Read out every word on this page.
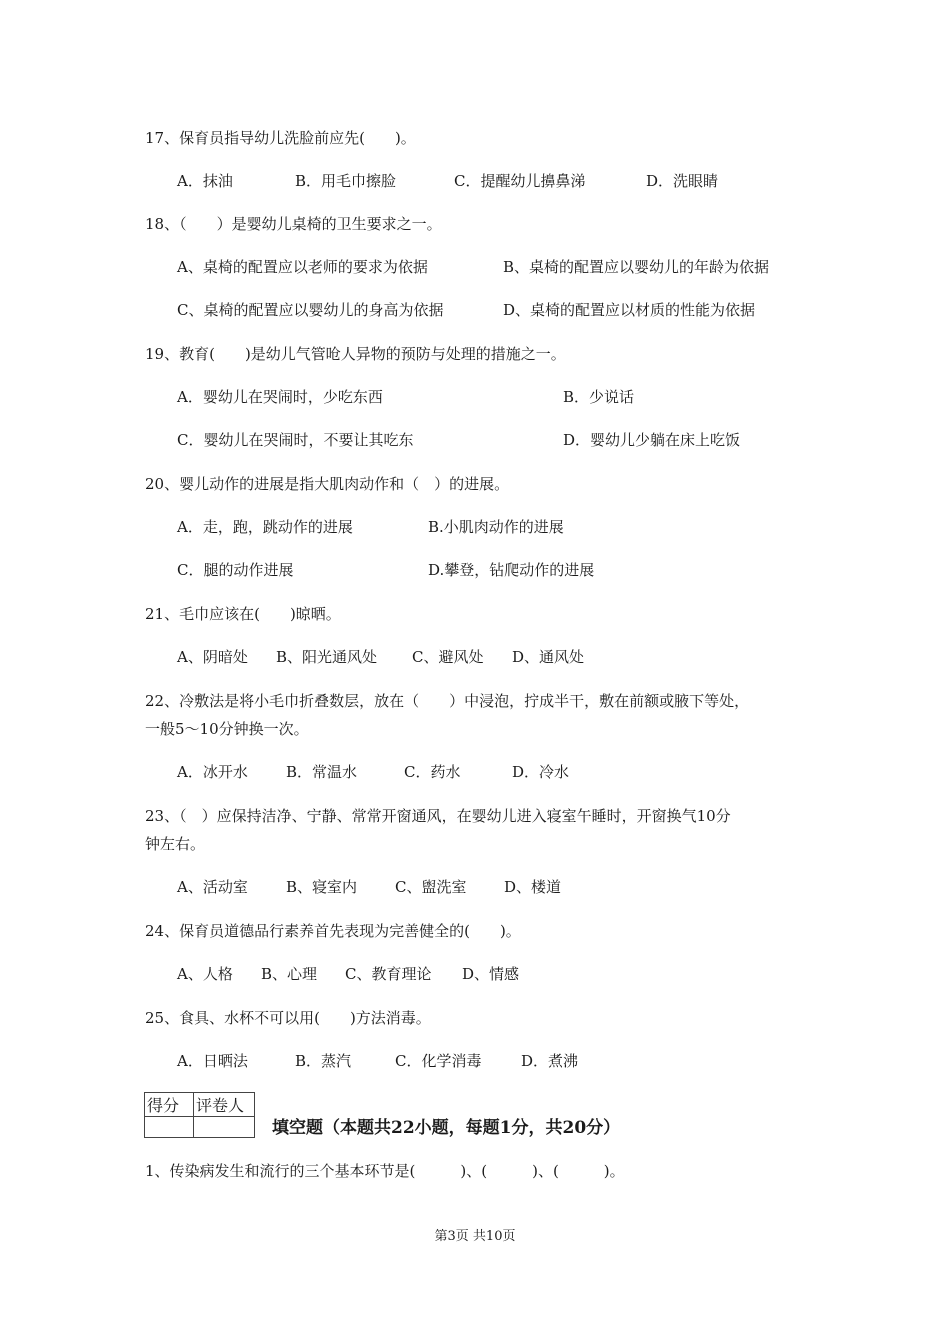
17、保育员指导幼儿洗脸前应先(　　)。
A．抹油	B．用毛巾擦脸	C．提醒幼儿擤鼻涕	D．洗眼睛
18、（　　）是婴幼儿桌椅的卫生要求之一。
A、桌椅的配置应以老师的要求为依据	B、桌椅的配置应以婴幼儿的年龄为依据
C、桌椅的配置应以婴幼儿的身高为依据	D、桌椅的配置应以材质的性能为依据
19、教育(　　)是幼儿气管呛人异物的预防与处理的措施之一。
A．婴幼儿在哭闹时，少吃东西	B．少说话
C．婴幼儿在哭闹时，不要让其吃东	D．婴幼儿少躺在床上吃饭
20、婴儿动作的进展是指大肌肉动作和（　）的进展。
A．走，跑，跳动作的进展	B.小肌肉动作的进展
C．腿的动作进展	D.攀登，钻爬动作的进展
21、毛巾应该在(　　)晾晒。
A、阴暗处 B、阳光通风处 C、避风处 D、通风处
22、冷敷法是将小毛巾折叠数层，放在（　　）中浸泡，拧成半干，敷在前额或腋下等处，
一般5～10分钟换一次。
A．冰开水	B．常温水	C．药水	D．冷水
23、（　）应保持洁净、宁静、常常开窗通风，在婴幼儿进入寝室午睡时，开窗换气10分
钟左右。
A、活动室	B、寝室内	C、盥洗室	D、楼道
24、保育员道德品行素养首先表现为完善健全的(　　)。
A、人格 B、心理 C、教育理论 D、情感
25、食具、水杯不可以用(　　)方法消毒。
A．日晒法	B．蒸汽	C．化学消毒	D．煮沸
得分	评卷人

填空题（本题共22小题，每题1分，共20分）
1、传染病发生和流行的三个基本环节是(　　　)、(　　　)、(　　　)。
第3页 共10页
